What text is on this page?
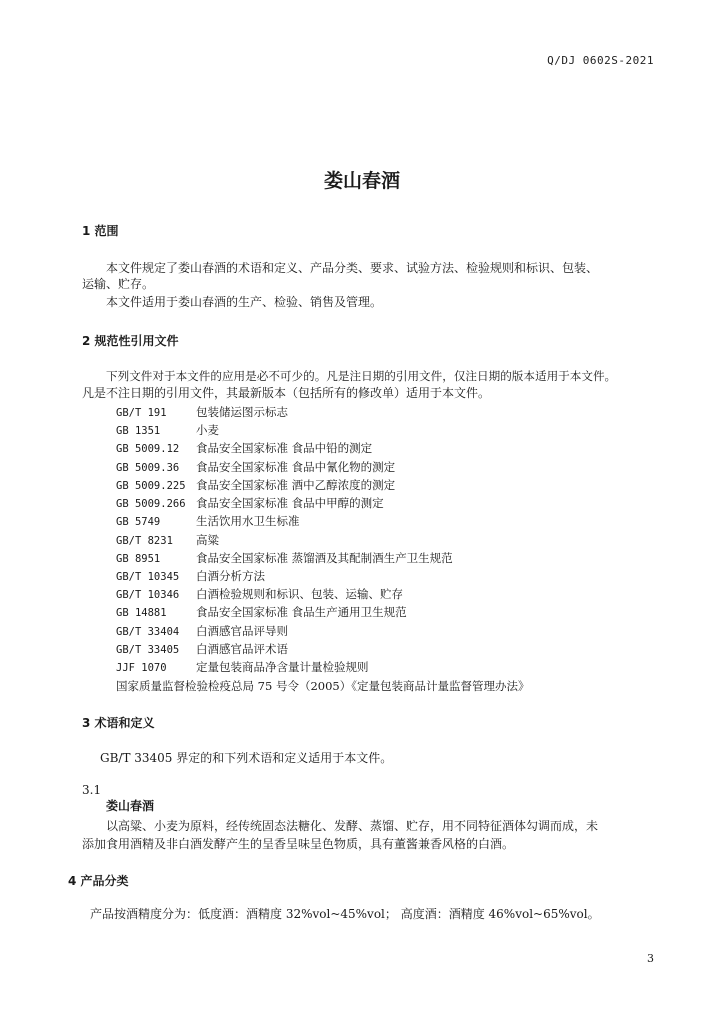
Q/DJ 0602S-2021
娄山春酒
1 范围
本文件规定了娄山春酒的术语和定义、产品分类、要求、试验方法、检验规则和标识、包装、
运输、贮存。
本文件适用于娄山春酒的生产、检验、销售及管理。
2 规范性引用文件
下列文件对于本文件的应用是必不可少的。凡是注日期的引用文件，仅注日期的版本适用于本文件。
凡是不注日期的引用文件，其最新版本（包括所有的修改单）适用于本文件。
GB/T 191	包装储运图示标志
GB 1351	小麦
GB 5009.12 食品安全国家标准 食品中铅的测定
GB 5009.36 食品安全国家标准 食品中氰化物的测定
GB 5009.225 食品安全国家标准 酒中乙醇浓度的测定
GB 5009.266 食品安全国家标准 食品中甲醇的测定
GB 5749	生活饮用水卫生标准
GB/T 8231 高粱
GB 8951	食品安全国家标准 蒸馏酒及其配制酒生产卫生规范
GB/T 10345 白酒分析方法
GB/T 10346 白酒检验规则和标识、包装、运输、贮存
GB 14881	食品安全国家标准 食品生产通用卫生规范
GB/T 33404 白酒感官品评导则
GB/T 33405 白酒感官品评术语
JJF 1070	定量包装商品净含量计量检验规则
国家质量监督检验检疫总局 75 号令（2005）《定量包装商品计量监督管理办法》
3 术语和定义
GB/T 33405 界定的和下列术语和定义适用于本文件。
3.1
娄山春酒
以高粱、小麦为原料，经传统固态法糖化、发酵、蒸馏、贮存，用不同特征酒体勾调而成，未
添加食用酒精及非白酒发酵产生的呈香呈味呈色物质，具有董酱兼香风格的白酒。
4 产品分类
产品按酒精度分为：低度酒：酒精度 32%vol~45%vol； 高度酒：酒精度 46%vol~65%vol。
3
